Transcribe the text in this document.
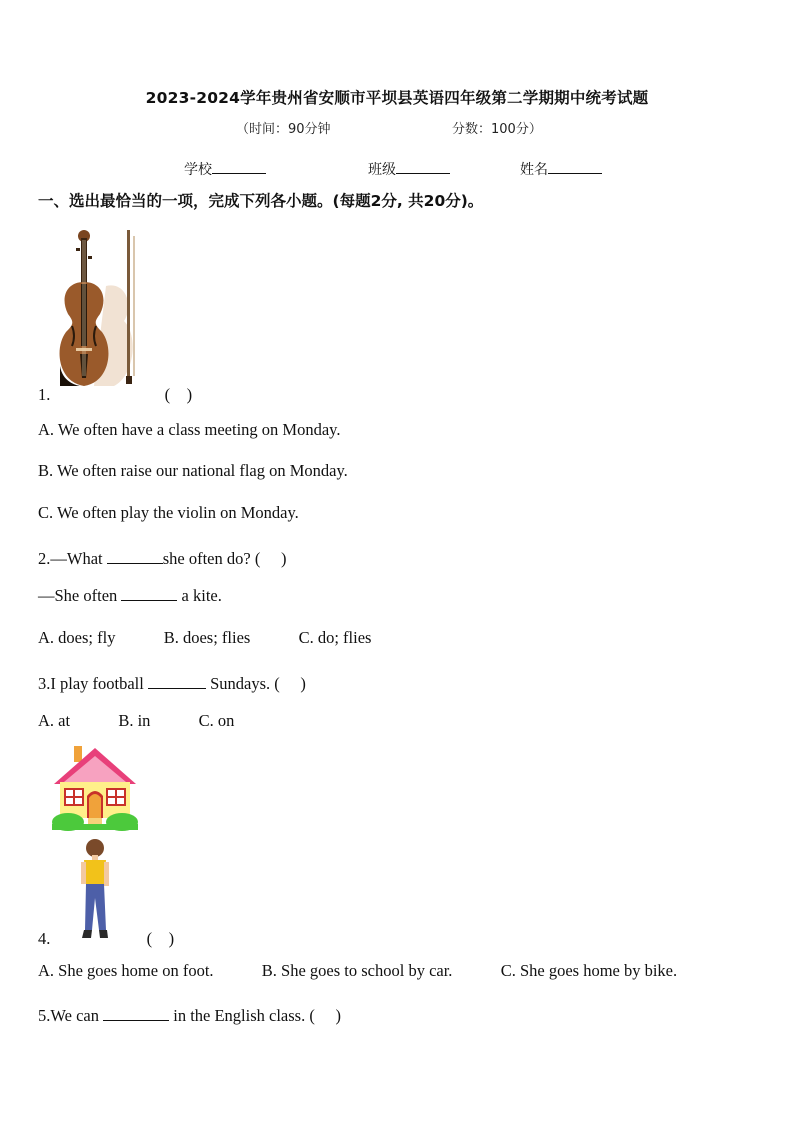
2023-2024学年贵州省安顺市平坝县英语四年级第二学期期中统考试题
（时间：90分钟	分数：100分）
学校	班级	姓名
一、选出最恰当的一项，完成下列各小题。(每题2分, 共20分)。
1.	(　)
A. We often have a class meeting on Monday.
B. We often raise our national flag on Monday.
C. We often play the violin on Monday.
2.—What	she often do? (　 )
—She often	a kite.
A. does; fly	B. does; flies	C. do; flies
3.I play football	Sundays. (　 )
A. at	B. in	C. on
4.	(　)
A. She goes home on foot.	B. She goes to school by car.	C. She goes home by bike.
5.We can	in the English class. (　 )
